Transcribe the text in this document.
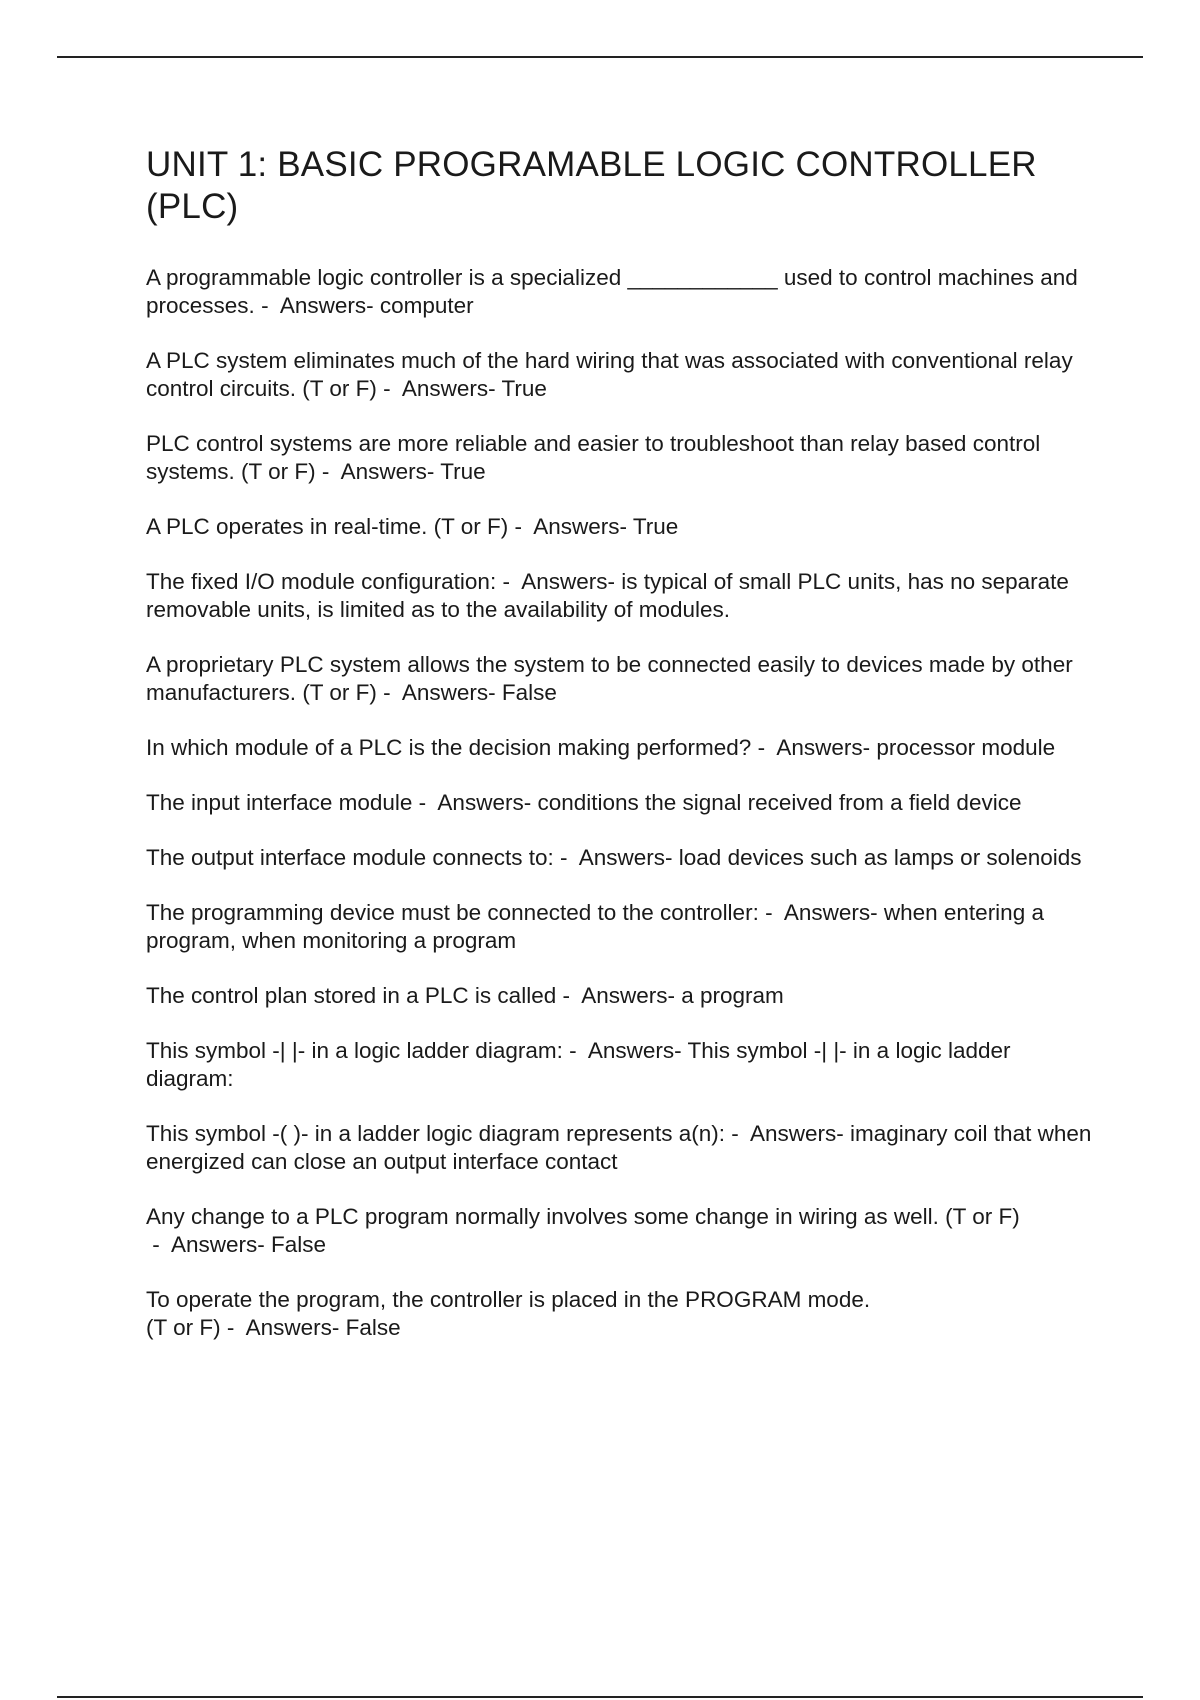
UNIT 1: BASIC PROGRAMABLE LOGIC CONTROLLER (PLC)
A programmable logic controller is a specialized ____________ used to control machines and processes. -  Answers- computer
A PLC system eliminates much of the hard wiring that was associated with conventional relay control circuits. (T or F) -  Answers- True
PLC control systems are more reliable and easier to troubleshoot than relay based control systems. (T or F) -  Answers- True
A PLC operates in real-time. (T or F) -  Answers- True
The fixed I/O module configuration: -  Answers- is typical of small PLC units, has no separate removable units, is limited as to the availability of modules.
A proprietary PLC system allows the system to be connected easily to devices made by other manufacturers. (T or F) -  Answers- False
In which module of a PLC is the decision making performed? -  Answers- processor module
The input interface module -  Answers- conditions the signal received from a field device
The output interface module connects to: -  Answers- load devices such as lamps or solenoids
The programming device must be connected to the controller: -  Answers- when entering a program, when monitoring a program
The control plan stored in a PLC is called -  Answers- a program
This symbol -| |- in a logic ladder diagram: -  Answers- This symbol -| |- in a logic ladder diagram:
This symbol -( )- in a ladder logic diagram represents a(n): -  Answers- imaginary coil that when energized can close an output interface contact
Any change to a PLC program normally involves some change in wiring as well. (T or F) -  Answers- False
To operate the program, the controller is placed in the PROGRAM mode.
(T or F) -  Answers- False
